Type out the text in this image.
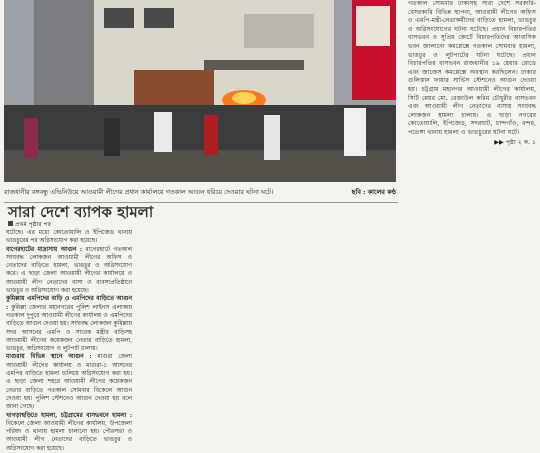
রাজধানীর বঙ্গবন্ধু এভিনিউয়ে আওয়ামী লীগের প্রধান কার্যালয়ে গতকাল আগুন ধরিয়ে দেওয়ার ঘটনা ঘটে।	ছবি : কালের কণ্ঠ

গতকাল সোমবার ঢাকাসহ সারা দেশে সরকারি-বেসরকারি বিভিন্ন স্থাপনা, আওয়ামী লীগের অফিস ও এমপি-মন্ত্রী-নেতাকর্মীদের বাড়িতে হামলা, ভাঙচুর ও অগ্নিসংযোগের ঘটনা ঘটেছে। প্রধান বিচারপতির বাসভবন ও সুপ্রিম কোর্টে বিচারপতিদের আবাসিক ভবন জালানো কমপ্লেক্সে গতকাল সোমবার হামলা, ভাঙচুর ও লুটপাটের ঘটনা ঘটেছে। প্রধান বিচারপতির বাসভবন রাজধানীর ১৯ হেয়ার রোডে এবং জাজেস কমপ্লেক্সে অবস্থান করছিলেন। ঢাকার গুলিস্তান ফায়ার সার্ভিস স্টেশনেও আগুন দেওয়া হয়। চট্টগ্রাম মহানগর আওয়ামী লীগের কার্যালয়, সিটি মেয়র মো. রেজাউল করিম চৌধুরীর বাসভবন এবং আওয়ামী লীগ নেতাদের বাসায় সংঘবদ্ধ লোকজন হামলা চালায়। এ ছাড়া নগরের কোতোয়ালি, ইপিজেড, সদরঘাট, চান্দগাঁও, বন্দর, পতেঙ্গা থানায় হামলা ও ভাঙচুরের ঘটনা ঘটে।

▶▶ পৃষ্ঠা ২ ক. ১
সারা দেশে ব্যাপক হামলা
প্রথম পৃষ্ঠার পর

ঘটেছে। এর মধ্যে কোতোয়ালি ও ইপিজেড থানায় ভাঙচুরের পর অগ্নিসংযোগ করা হয়েছে।

বাগেরহাটের মাদ্রাসায় আগুন : বাগেরহাটে গতকাল সংঘবদ্ধ লোকজন আওয়ামী লীগের অফিস ও নেতাদের বাড়িতে হামলা, ভাঙচুর ও অগ্নিসংযোগ করে। এ ছাড়া জেলা আওয়ামী লীগের কার্যালয়ে ও আওয়ামী লীগ নেতাদের বাসা ও ব্যবসাপ্রতিষ্ঠানে ভাঙচুর ও অগ্নিসংযোগ করা হয়েছে।

কুমিল্লায় এমপিদের বাড়ি ও এমপিদের বাড়িতে আগুন : কুমিল্লা জেলার মহানগরের পুলিশ লাইনস এলাকায় গতকাল দুপুরে আওয়ামী লীগের কার্যালয় ও এমপিদের বাড়িতে আগুন দেওয়া হয়। সংঘবদ্ধ লোকজন কুমিল্লায় সদর আসনের এমপি ও সাবেক মন্ত্রীর বাড়িসহ আওয়ামী লীগের কয়েকজন নেতার বাড়িতে হামলা, ভাঙচুর, অগ্নিসংযোগ ও লুটপাট চালায়।

মাগুরায় বিভিন্ন স্থানে আগুন : মাগুরা জেলা আওয়ামী লীগের কার্যালয় ও মাগুরা-১ আসনের এমপির বাড়িতে হামলা চালিয়ে অগ্নিসংযোগ করা হয়। এ ছাড়া জেলা শহরে আওয়ামী লীগের কয়েকজন নেতার বাড়িতে গতকাল সোমবার বিকেলে আগুন দেওয়া হয়। পুলিশ স্টেশনেও আগুন দেওয়া হয় বলে জানা গেছে।

খাগড়াছড়িতে হামলা, চট্টগ্রামের বাসভবনে হামলা : বিকেলে জেলা আওয়ামী লীগের কার্যালয়, উপজেলা পরিষদ ও থানায় হামলা চালানো হয়। পৌরসভা ও আওয়ামী লীগ নেতাদের বাড়িতে ভাঙচুর ও অগ্নিসংযোগ করা হয়েছে।
